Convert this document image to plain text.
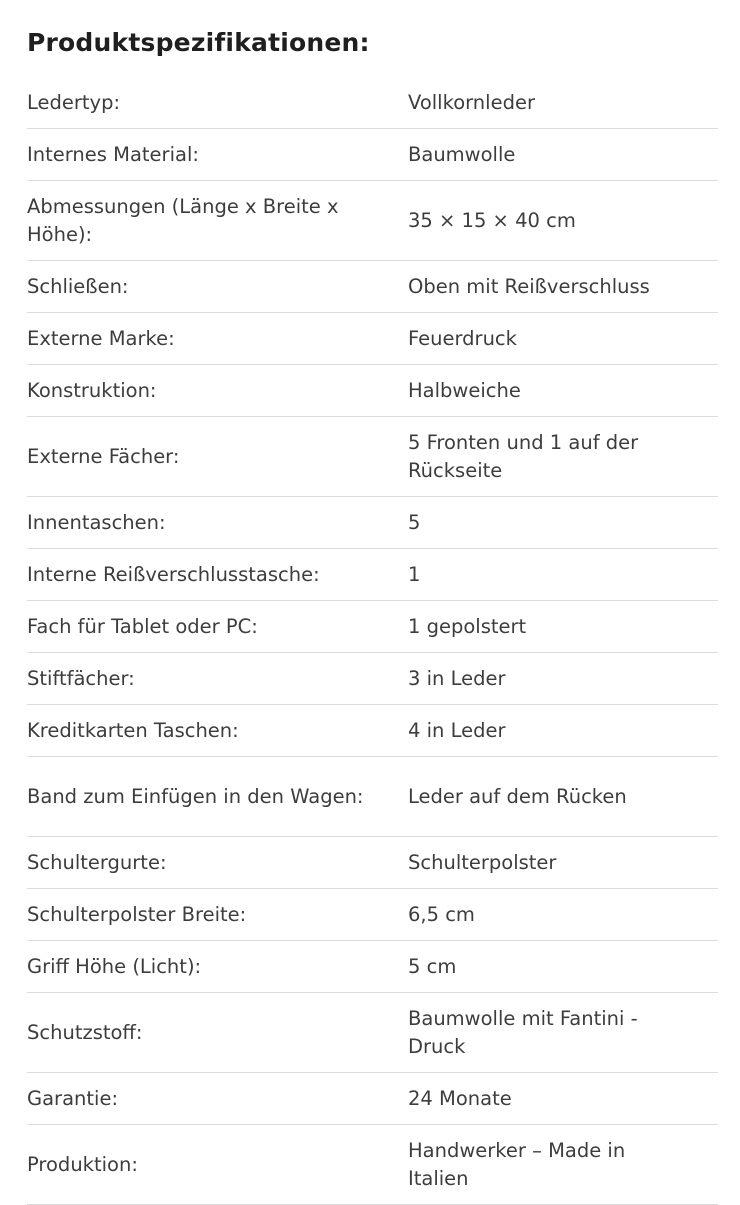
Produktspezifikationen:
Ledertyp:	Vollkornleder
Internes Material:	Baumwolle
Abmessungen (Länge x Breite x Höhe):
35 × 15 × 40 cm
Schließen:	Oben mit Reißverschluss
Externe Marke:	Feuerdruck
Konstruktion:	Halbweiche
Externe Fächer:
5 Fronten und 1 auf der Rückseite
Innentaschen:	5
Interne Reißverschlusstasche:	1
Fach für Tablet oder PC:	1 gepolstert
Stiftfächer:	3 in Leder
Kreditkarten Taschen:	4 in Leder
Band zum Einfügen in den Wagen:	Leder auf dem Rücken
Schultergurte:	Schulterpolster
Schulterpolster Breite:	6,5 cm
Griff Höhe (Licht):	5 cm
Schutzstoff:
Baumwolle mit Fantini - Druck
Garantie:	24 Monate
Produktion:
Handwerker – Made in Italien
